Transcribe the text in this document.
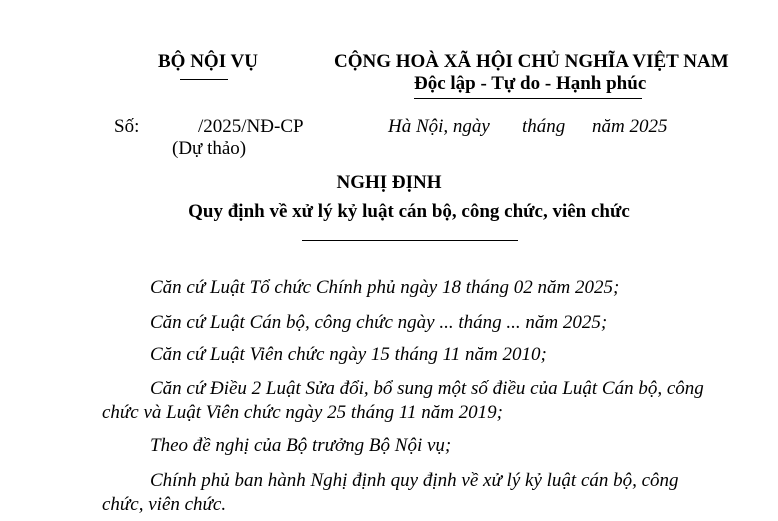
BỘ NỘI VỤ	CỘNG HOÀ XÃ HỘI CHỦ NGHĨA VIỆT NAM
Độc lập - Tự do - Hạnh phúc
Số:	/2025/NĐ-CP
(Dự thảo)
Hà Nội, ngày tháng năm 2025
NGHỊ ĐỊNH
Quy định về xử lý kỷ luật cán bộ, công chức, viên chức
Căn cứ Luật Tổ chức Chính phủ ngày 18 tháng 02 năm 2025;
Căn cứ Luật Cán bộ, công chức ngày ... tháng ... năm 2025;
Căn cứ Luật Viên chức ngày 15 tháng 11 năm 2010;
Căn cứ Điều 2 Luật Sửa đổi, bổ sung một số điều của Luật Cán bộ, công chức và Luật Viên chức ngày 25 tháng 11 năm 2019;
Theo đề nghị của Bộ trưởng Bộ Nội vụ;
Chính phủ ban hành Nghị định quy định về xử lý kỷ luật cán bộ, công chức, viên chức.
